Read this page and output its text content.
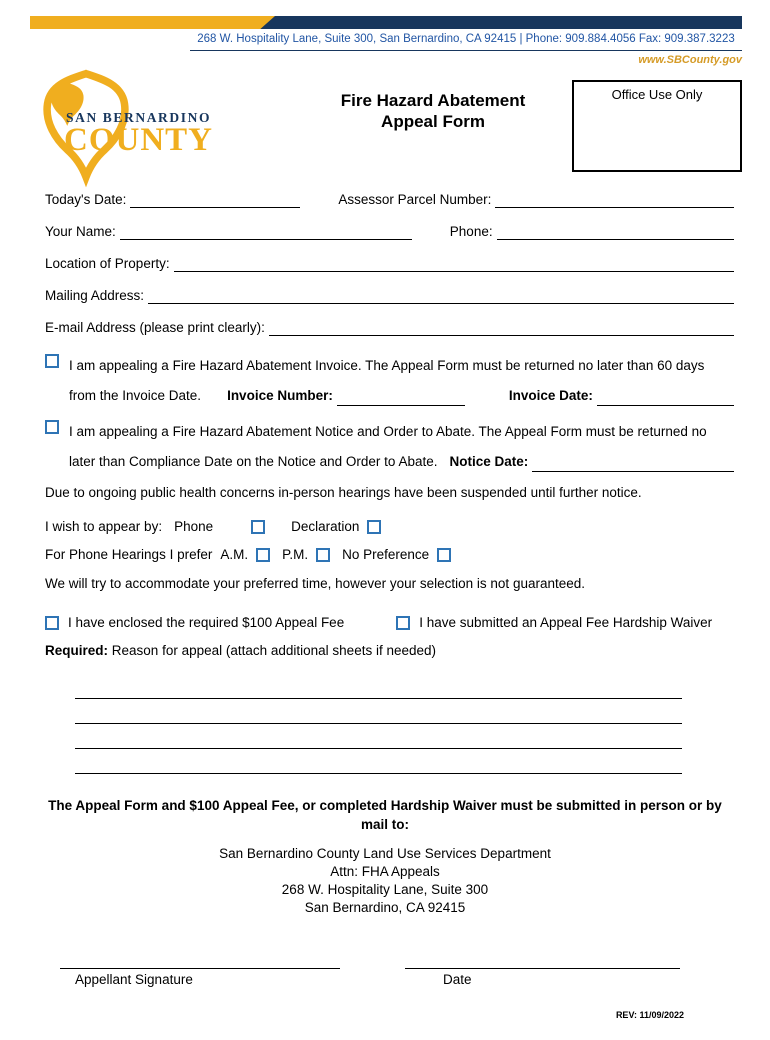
268 W. Hospitality Lane, Suite 300, San Bernardino, CA 92415 | Phone: 909.884.4056 Fax: 909.387.3223
www.SBCounty.gov
SAN BERNARDINO
COUNTY
Fire Hazard Abatement
Appeal Form
Office Use Only
Today's Date:	Assessor Parcel Number:
Your Name:	Phone:
Location of Property:
Mailing Address:
E-mail Address (please print clearly):
I am appealing a Fire Hazard Abatement Invoice. The Appeal Form must be returned no later than 60 days
from the Invoice Date. Invoice Number:	Invoice Date:
I am appealing a Fire Hazard Abatement Notice and Order to Abate. The Appeal Form must be returned no
later than Compliance Date on the Notice and Order to Abate. Notice Date:
Due to ongoing public health concerns in-person hearings have been suspended until further notice.
I wish to appear by: Phone	Declaration
For Phone Hearings I prefer A.M.	P.M.	No Preference
We will try to accommodate your preferred time, however your selection is not guaranteed.
I have enclosed the required $100 Appeal Fee	I have submitted an Appeal Fee Hardship Waiver
Required: Reason for appeal (attach additional sheets if needed)
The Appeal Form and $100 Appeal Fee, or completed Hardship Waiver must be submitted in person or by
mail to:
San Bernardino County Land Use Services Department
Attn: FHA Appeals
268 W. Hospitality Lane, Suite 300
San Bernardino, CA 92415
Appellant Signature	Date
REV: 11/09/2022
